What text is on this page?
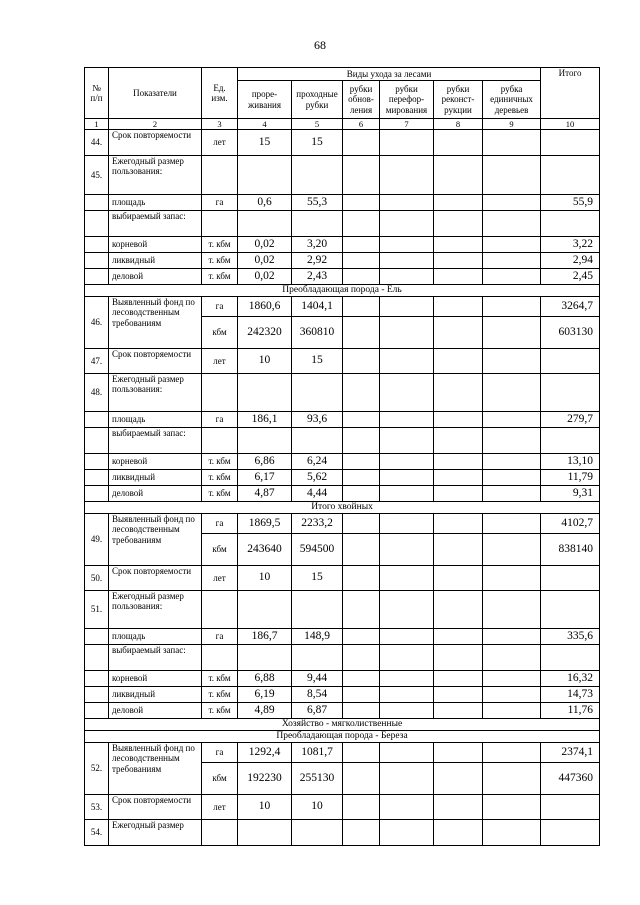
68
№ п/п	Показатели	Ед. изм.	Виды ухода за лесами						Итого
			прорe-живания	проходные рубки	рубки обнов-ления	рубки перефор-мирования	рубки реконст-рукции	рубка единичных деревьев	
1	2	3	4	5	6	7	8	9	10
44.	Срок повторяемости	лет	15	15					
45.	Ежегодный размер пользования:								
	площадь	га	0,6	55,3					55,9
	выбираемый запас:								
	корневой	т. кбм	0,02	3,20					3,22
	ликвидный	т. кбм	0,02	2,92					2,94
	деловой	т. кбм	0,02	2,43					2,45
Преобладающая порода - Ель									
46.	Выявленный фонд по лесоводственным требованиям	га	1860,6	1404,1					3264,7
		кбм	242320	360810					603130
47.	Срок повторяемости	лет	10	15					
48.	Ежегодный размер пользования:								
	площадь	га	186,1	93,6					279,7
	выбираемый запас:								
	корневой	т. кбм	6,86	6,24					13,10
	ликвидный	т. кбм	6,17	5,62					11,79
	деловой	т. кбм	4,87	4,44					9,31
Итого хвойных									
49.	Выявленный фонд по лесоводственным требованиям	га	1869,5	2233,2					4102,7
		кбм	243640	594500					838140
50.	Срок повторяемости	лет	10	15					
51.	Ежегодный размер пользования:								
	площадь	га	186,7	148,9					335,6
	выбираемый запас:								
	корневой	т. кбм	6,88	9,44					16,32
	ликвидный	т. кбм	6,19	8,54					14,73
	деловой	т. кбм	4,89	6,87					11,76
Хозяйство - мягколиственные									
Преобладающая порода - Береза									
52.	Выявленный фонд по лесоводственным требованиям	га	1292,4	1081,7					2374,1
		кбм	192230	255130					447360
53.	Срок повторяемости	лет	10	10					
54.	Ежегодный размер								
